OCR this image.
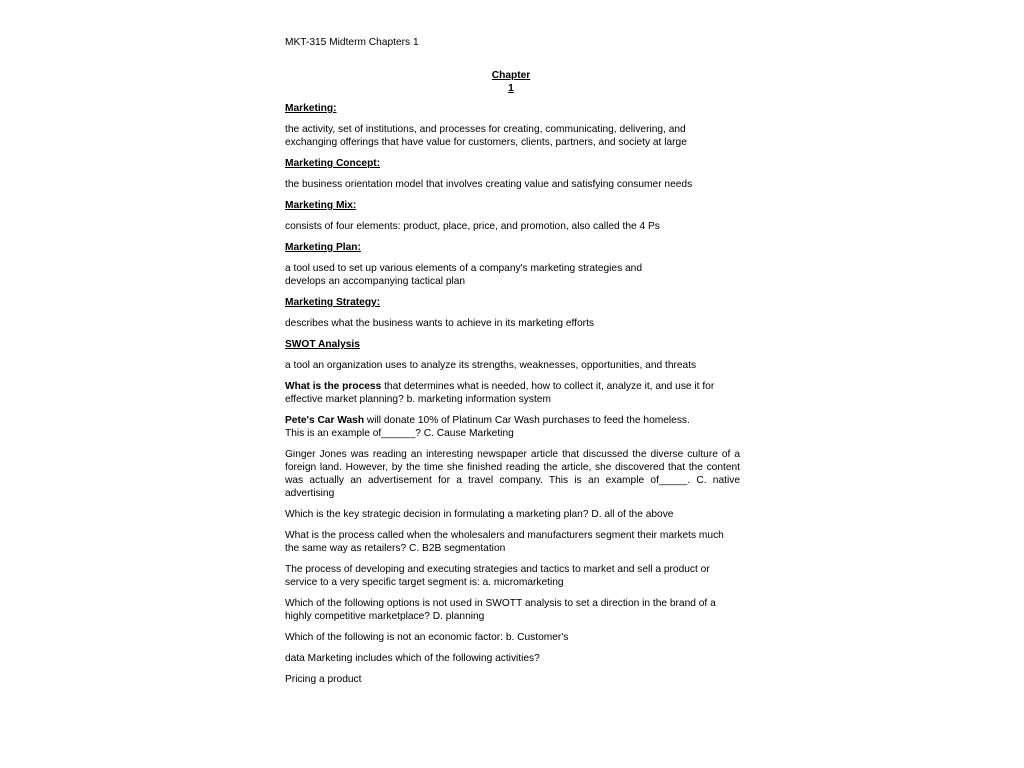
MKT-315 Midterm Chapters 1
Chapter
1
Marketing:
the activity, set of institutions, and processes for creating, communicating, delivering, and exchanging offerings that have value for customers, clients, partners, and society at large
Marketing Concept:
the business orientation model that involves creating value and satisfying consumer needs
Marketing Mix:
consists of four elements: product, place, price, and promotion, also called the 4 Ps
Marketing Plan:
a tool used to set up various elements of a company's marketing strategies and
develops an accompanying tactical plan
Marketing Strategy:
describes what the business wants to achieve in its marketing efforts
SWOT Analysis
a tool an organization uses to analyze its strengths, weaknesses, opportunities, and threats
What is the process that determines what is needed, how to collect it, analyze it, and use it for effective market planning? b. marketing information system
Pete's Car Wash will donate 10% of Platinum Car Wash purchases to feed the homeless.
This is an example of______? C. Cause Marketing
Ginger Jones was reading an interesting newspaper article that discussed the diverse culture of a foreign land. However, by the time she finished reading the article, she discovered that the content was actually an advertisement for a travel company. This is an example of_____. C. native advertising
Which is the key strategic decision in formulating a marketing plan? D. all of the above
What is the process called when the wholesalers and manufacturers segment their markets much the same way as retailers? C. B2B segmentation
The process of developing and executing strategies and tactics to market and sell a product or service to a very specific target segment is: a. micromarketing
Which of the following options is not used in SWOTT analysis to set a direction in the brand of a highly competitive marketplace? D. planning
Which of the following is not an economic factor: b. Customer's
data Marketing includes which of the following activities?
Pricing a product
